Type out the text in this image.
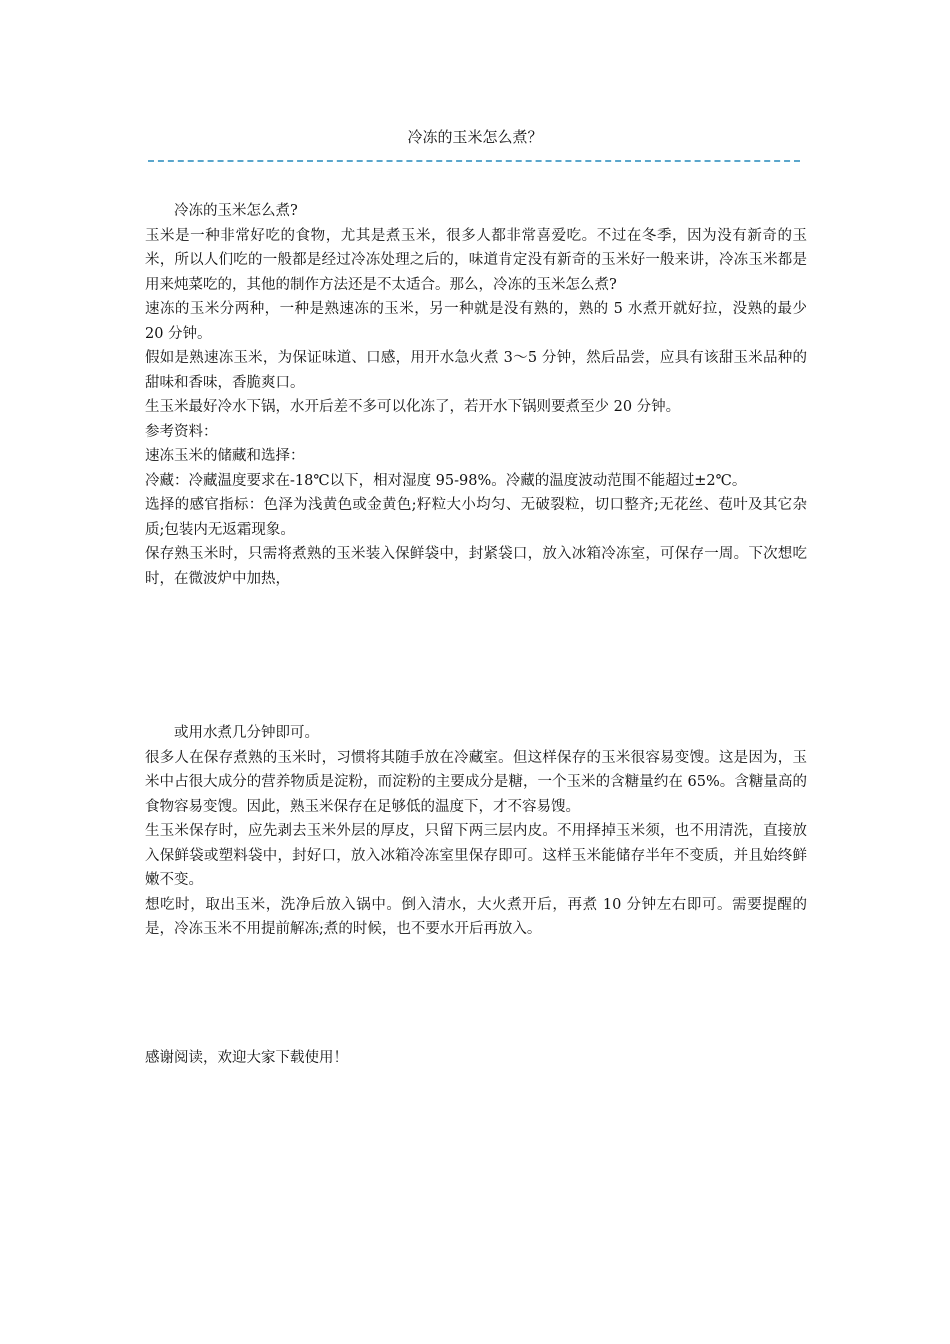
冷冻的玉米怎么煮？

冷冻的玉米怎么煮?

玉米是一种非常好吃的食物，尤其是煮玉米，很多人都非常喜爱吃。不过在冬季，因为没有新奇的玉米，所以人们吃的一般都是经过冷冻处理之后的，味道肯定没有新奇的玉米好一般来讲，冷冻玉米都是用来炖菜吃的，其他的制作方法还是不太适合。那么，冷冻的玉米怎么煮?

速冻的玉米分两种，一种是熟速冻的玉米，另一种就是没有熟的，熟的 5 水煮开就好拉，没熟的最少 20 分钟。

假如是熟速冻玉米，为保证味道、口感，用开水急火煮 3～5 分钟，然后品尝，应具有该甜玉米品种的甜味和香味，香脆爽口。

生玉米最好冷水下锅，水开后差不多可以化冻了，若开水下锅则要煮至少 20 分钟。

参考资料：

速冻玉米的储藏和选择：

冷藏：冷藏温度要求在-18℃以下，相对湿度 95-98%。冷藏的温度波动范围不能超过±2℃。

选择的感官指标：色泽为浅黄色或金黄色;籽粒大小均匀、无破裂粒，切口整齐;无花丝、苞叶及其它杂质;包装内无返霜现象。

保存熟玉米时，只需将煮熟的玉米装入保鲜袋中，封紧袋口，放入冰箱冷冻室，可保存一周。下次想吃时，在微波炉中加热，

或用水煮几分钟即可。

很多人在保存煮熟的玉米时，习惯将其随手放在冷藏室。但这样保存的玉米很容易变馊。这是因为，玉米中占很大成分的营养物质是淀粉，而淀粉的主要成分是糖，一个玉米的含糖量约在 65%。含糖量高的食物容易变馊。因此，熟玉米保存在足够低的温度下，才不容易馊。

生玉米保存时，应先剥去玉米外层的厚皮，只留下两三层内皮。不用择掉玉米须，也不用清洗，直接放入保鲜袋或塑料袋中，封好口，放入冰箱冷冻室里保存即可。这样玉米能储存半年不变质，并且始终鲜嫩不变。

想吃时，取出玉米，洗净后放入锅中。倒入清水，大火煮开后，再煮 10 分钟左右即可。需要提醒的是，冷冻玉米不用提前解冻;煮的时候，也不要水开后再放入。

感谢阅读，欢迎大家下载使用！
